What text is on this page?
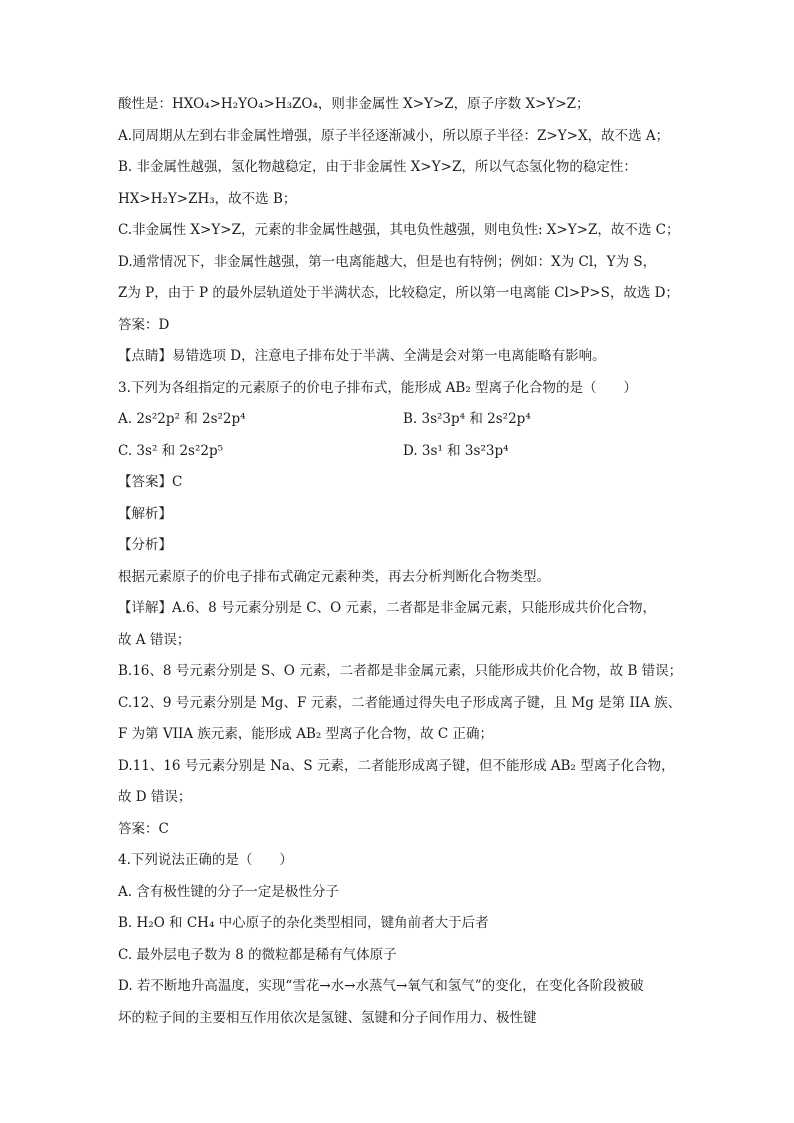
酸性是：HXO₄>H₂YO₄>H₃ZO₄，则非金属性 X>Y>Z，原子序数 X>Y>Z；
A.同周期从左到右非金属性增强，原子半径逐渐减小，所以原子半径：Z>Y>X，故不选 A；
B. 非金属性越强，氢化物越稳定，由于非金属性 X>Y>Z，所以气态氢化物的稳定性：
HX>H₂Y>ZH₃，故不选 B；
C.非金属性 X>Y>Z，元素的非金属性越强，其电负性越强，则电负性: X>Y>Z，故不选 C；
D.通常情况下，非金属性越强，第一电离能越大，但是也有特例；例如：X为 Cl，Y为 S，
Z为 P，由于 P 的最外层轨道处于半满状态，比较稳定，所以第一电离能 Cl>P>S，故选 D；
答案：D
【点睛】易错选项 D，注意电子排布处于半满、全满是会对第一电离能略有影响。
3.下列为各组指定的元素原子的价电子排布式，能形成 AB₂ 型离子化合物的是（　　）
A. 2s²2p² 和 2s²2p⁴	B. 3s²3p⁴ 和 2s²2p⁴
C. 3s² 和 2s²2p⁵	D. 3s¹ 和 3s²3p⁴
【答案】C
【解析】
【分析】
根据元素原子的价电子排布式确定元素种类，再去分析判断化合物类型。
【详解】A.6、8 号元素分别是 C、O 元素，二者都是非金属元素，只能形成共价化合物，
故 A 错误；
B.16、8 号元素分别是 S、O 元素，二者都是非金属元素，只能形成共价化合物，故 B 错误；
C.12、9 号元素分别是 Mg、F 元素，二者能通过得失电子形成离子键，且 Mg 是第 IIA 族、
F 为第 VIIA 族元素，能形成 AB₂ 型离子化合物，故 C 正确；
D.11、16 号元素分别是 Na、S 元素，二者能形成离子键，但不能形成 AB₂ 型离子化合物，
故 D 错误；
答案：C
4.下列说法正确的是（　　）
A. 含有极性键的分子一定是极性分子
B. H₂O 和 CH₄ 中心原子的杂化类型相同，键角前者大于后者
C. 最外层电子数为 8 的微粒都是稀有气体原子
D. 若不断地升高温度，实现“雪花→水→水蒸气→氧气和氢气”的变化，在变化各阶段被破
坏的粒子间的主要相互作用依次是氢键、氢键和分子间作用力、极性键
